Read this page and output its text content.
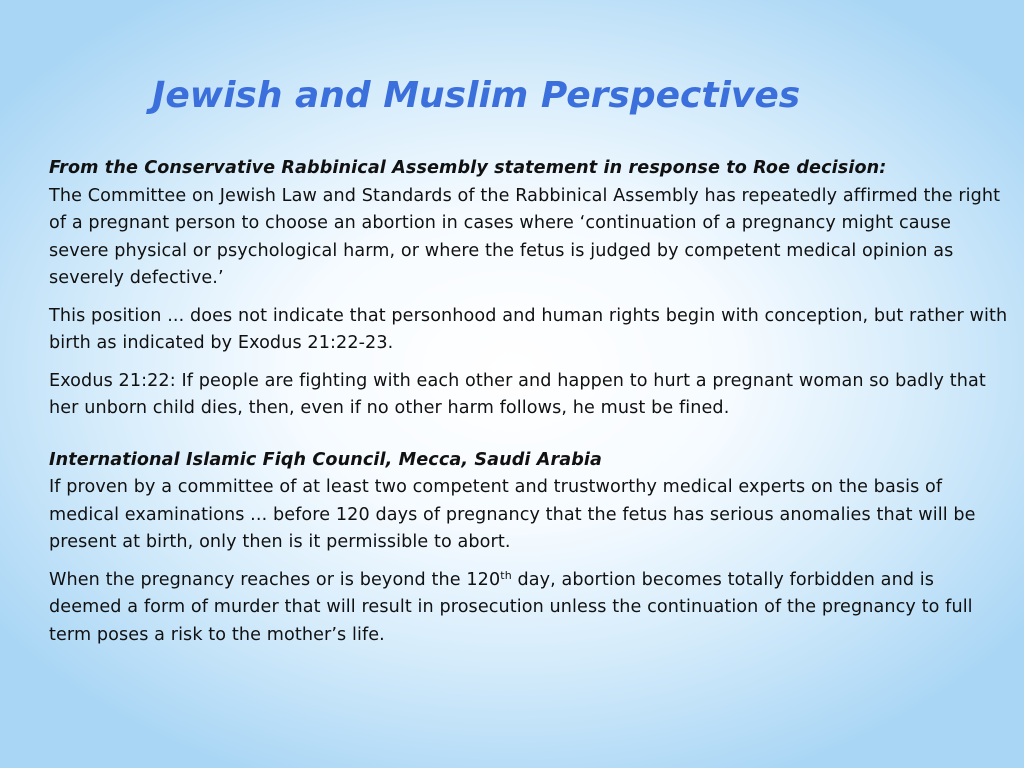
Jewish and Muslim Perspectives

From the Conservative Rabbinical Assembly statement in response to Roe decision:
The Committee on Jewish Law and Standards of the Rabbinical Assembly has repeatedly affirmed the right of a pregnant person to choose an abortion in cases where ‘continuation of a pregnancy might cause severe physical or psychological harm, or where the fetus is judged by competent medical opinion as severely defective.’

This position ... does not indicate that personhood and human rights begin with conception, but rather with birth as indicated by Exodus 21:22-23.

Exodus 21:22: If people are fighting with each other and happen to hurt a pregnant woman so badly that her unborn child dies, then, even if no other harm follows, he must be fined.

International Islamic Fiqh Council, Mecca, Saudi Arabia
If proven by a committee of at least two competent and trustworthy medical experts on the basis of medical examinations ... before 120 days of pregnancy that the fetus has serious anomalies that will be present at birth, only then is it permissible to abort.

When the pregnancy reaches or is beyond the 120th day, abortion becomes totally forbidden and is deemed a form of murder that will result in prosecution unless the continuation of the pregnancy to full term poses a risk to the mother’s life.
